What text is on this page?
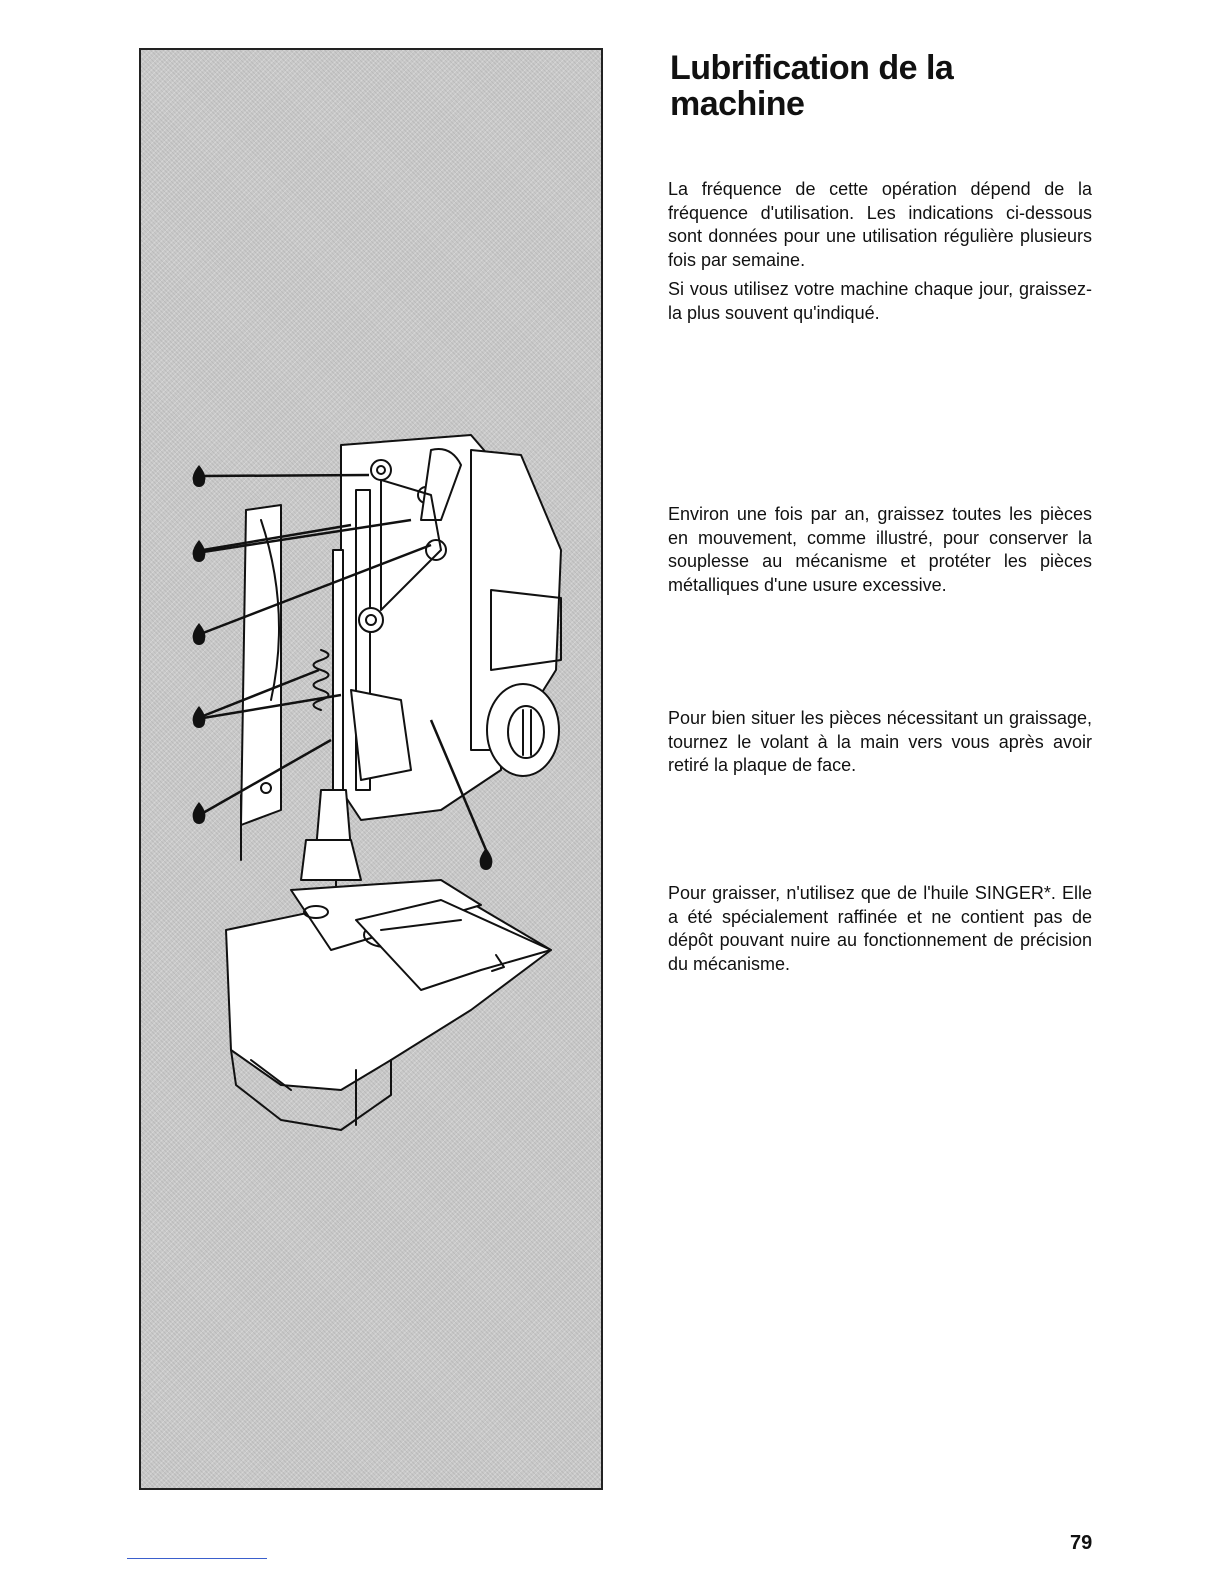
Lubrification de la machine

La fréquence de cette opération dépend de la fréquence d'utilisation. Les indications ci-dessous sont données pour une utilisation régulière plusieurs fois par semaine.

Si vous utilisez votre machine chaque jour, graissez-la plus souvent qu'indiqué.

Environ une fois par an, graissez toutes les pièces en mouvement, comme illustré, pour conserver la souplesse au mécanisme et protéter les pièces métalliques d'une usure excessive.

Pour bien situer les pièces nécessitant un graissage, tournez le volant à la main vers vous après avoir retiré la plaque de face.

Pour graisser, n'utilisez que de l'huile SINGER*. Elle a été spécialement raffinée et ne contient pas de dépôt pouvant nuire au fonctionnement de précision du mécanisme.

79
